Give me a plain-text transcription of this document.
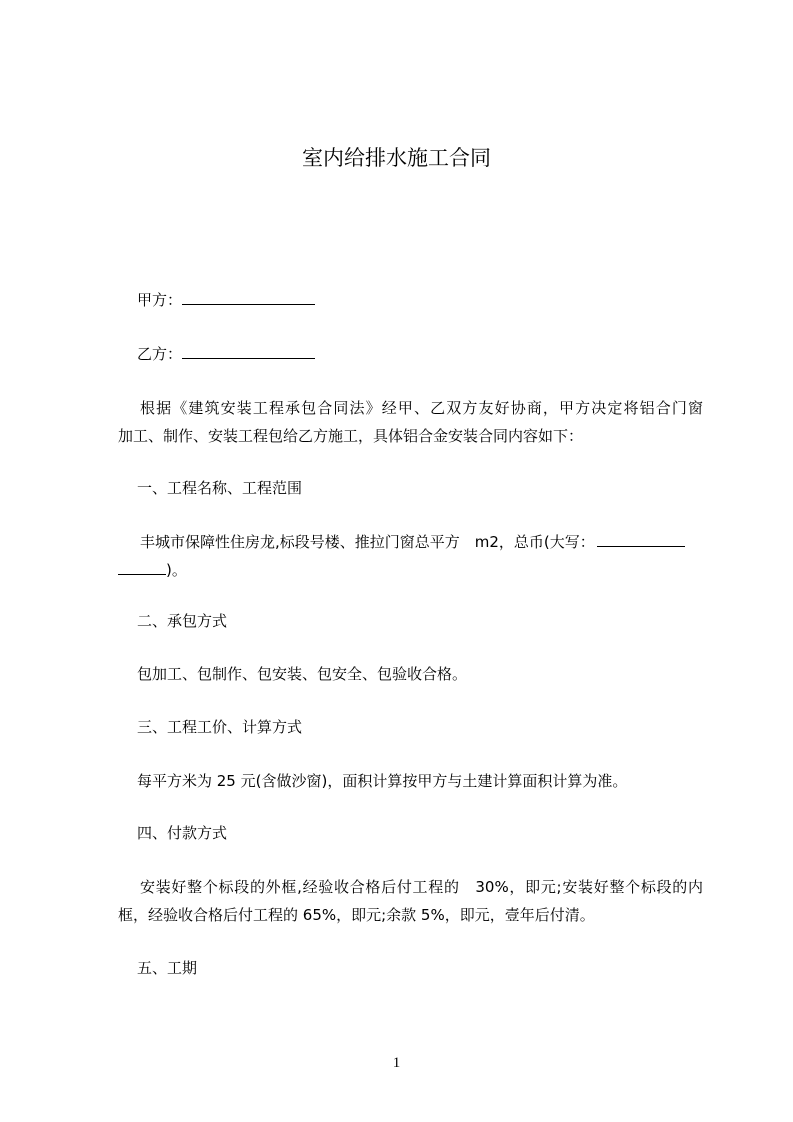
室内给排水施工合同
甲方：
乙方：
根据《建筑安装工程承包合同法》经甲、乙双方友好协商，甲方决定将铝合门窗
加工、制作、安装工程包给乙方施工，具体铝合金安装合同内容如下：
一、工程名称、工程范围
丰城市保障性住房龙,标段号楼、推拉门窗总平方　m2，总币(大写：
)。
二、承包方式
包加工、包制作、包安装、包安全、包验收合格。
三、工程工价、计算方式
每平方米为 25 元(含做沙窗)，面积计算按甲方与土建计算面积计算为准。
四、付款方式
安装好整个标段的外框,经验收合格后付工程的　30%，即元;安装好整个标段的内
框，经验收合格后付工程的 65%，即元;余款 5%，即元，壹年后付清。
五、工期
1
